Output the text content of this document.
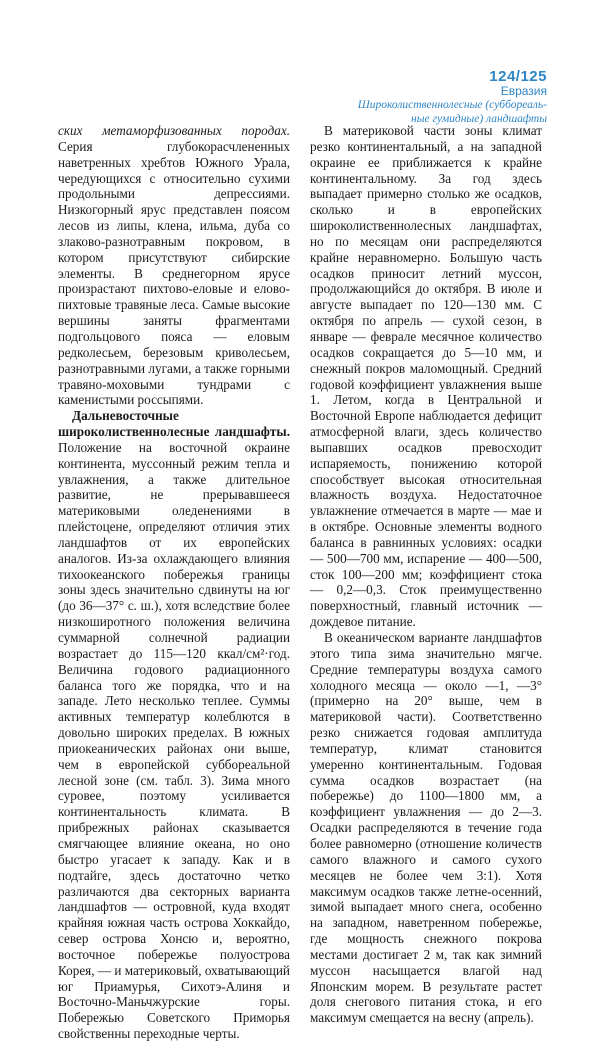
124/125
Евразия
Широколиственнолесные (суббореаль-
ные гумидные) ландшафты

ских метаморфизованных породах. Серия глубокорасчлененных наветренных хребтов Южного Урала, чередующихся с относительно сухими продольными депрессиями. Низкогорный ярус представлен поясом лесов из липы, клена, ильма, дуба со злаково-разнотравным покровом, в котором присутствуют сибирские элементы. В среднегорном ярусе произрастают пихтово-еловые и елово-пихтовые травяные леса. Самые высокие вершины заняты фрагментами подгольцового пояса — еловым редколесьем, березовым криволесьем, разнотравными лугами, а также горными травяно-моховыми тундрами с каменистыми россыпями.

Дальневосточные широколиственнолесные ландшафты. Положение на восточной окраине континента, муссонный режим тепла и увлажнения, а также длительное развитие, не прерывавшееся материковыми оледенениями в плейстоцене, определяют отличия этих ландшафтов от их европейских аналогов. Из-за охлаждающего влияния тихоокеанского побережья границы зоны здесь значительно сдвинуты на юг (до 36—37° с. ш.), хотя вследствие более низкоширотного положения величина суммарной солнечной радиации возрастает до 115—120 ккал/см²·год. Величина годового радиационного баланса того же порядка, что и на западе. Лето несколько теплее. Суммы активных температур колеблются в довольно широких пределах. В южных приокеанических районах они выше, чем в европейской суббореальной лесной зоне (см. табл. 3). Зима много суровее, поэтому усиливается континентальность климата. В прибрежных районах сказывается смягчающее влияние океана, но оно быстро угасает к западу. Как и в подтайге, здесь достаточно четко различаются два секторных варианта ландшафтов — островной, куда входят крайняя южная часть острова Хоккайдо, север острова Хонсю и, вероятно, восточное побережье полуострова Корея, — и материковый, охватывающий юг Приамурья, Сихотэ-Алиня и Восточно-Маньчжурские горы. Побережью Советского Приморья свойственны переходные черты.

В материковой части зоны климат резко континентальный, а на западной окраине ее приближается к крайне континентальному. За год здесь выпадает примерно столько же осадков, сколько и в европейских широколиственнолесных ландшафтах, но по месяцам они распределяются крайне неравномерно. Большую часть осадков приносит летний муссон, продолжающийся до октября. В июле и августе выпадает по 120—130 мм. С октября по апрель — сухой сезон, в январе — феврале месячное количество осадков сокращается до 5—10 мм, и снежный покров маломощный. Средний годовой коэффициент увлажнения выше 1. Летом, когда в Центральной и Восточной Европе наблюдается дефицит атмосферной влаги, здесь количество выпавших осадков превосходит испаряемость, понижению которой способствует высокая относительная влажность воздуха. Недостаточное увлажнение отмечается в марте — мае и в октябре. Основные элементы водного баланса в равнинных условиях: осадки — 500—700 мм, испарение — 400—500, сток 100—200 мм; коэффициент стока — 0,2—0,3. Сток преимущественно поверхностный, главный источник — дождевое питание.

В океаническом варианте ландшафтов этого типа зима значительно мягче. Средние температуры воздуха самого холодного месяца — около —1, —3° (примерно на 20° выше, чем в материковой части). Соответственно резко снижается годовая амплитуда температур, климат становится умеренно континентальным. Годовая сумма осадков возрастает (на побережье) до 1100—1800 мм, а коэффициент увлажнения — до 2—3. Осадки распределяются в течение года более равномерно (отношение количеств самого влажного и самого сухого месяцев не более чем 3:1). Хотя максимум осадков также летне-осенний, зимой выпадает много снега, особенно на западном, наветренном побережье, где мощность снежного покрова местами достигает 2 м, так как зимний муссон насыщается влагой над Японским морем. В результате растет доля снегового питания стока, и его максимум смещается на весну (апрель).
